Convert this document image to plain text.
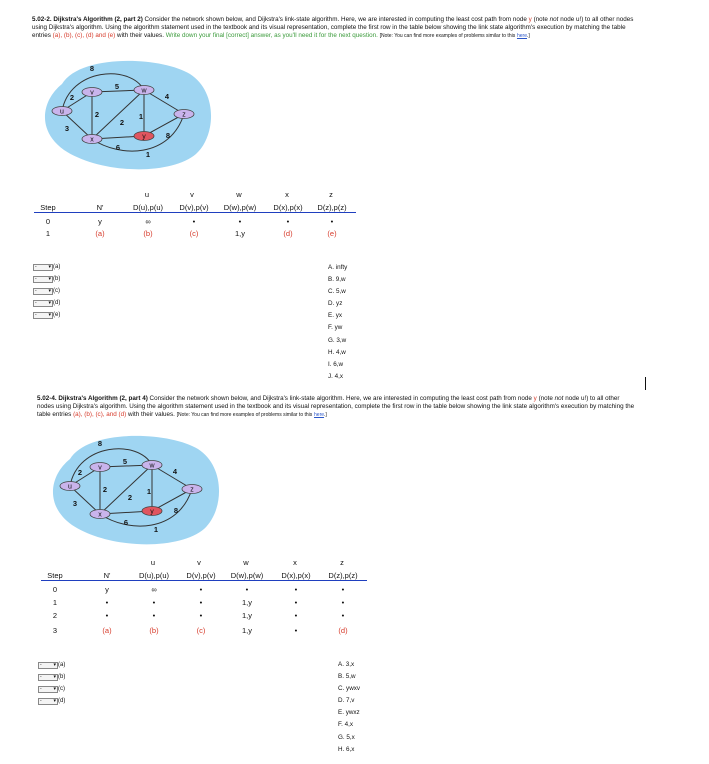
5.02-2. Dijkstra's Algorithm (2, part 2) Consider the network shown below, and Dijkstra's link-state algorithm. Here, we are interested in computing the least cost path from node y (note not node u!) to all other nodes using Dijkstra's algorithm. Using the algorithm statement used in the textbook and its visual representation, complete the first row in the table below showing the link state algorithm's execution by matching the table entries (a), (b), (c), (d) and (e) with their values. Write down your final [correct] answer, as you'll need it for the next question. [Note: You can find more examples of problems similar to this here.]
u
v	w
x	y
z
8
5
4
2
2	1
2
3
6
8
1
u	v	w	x	z
Step	N'	D(u),p(u)	D(v),p(v)	D(w),p(w)	D(x),p(x)	D(z),p(z)
0	y	∞	•	•	•	•
1	(a)	(b)	(c)	1,y	(d)	(e)
- ▾ (a)
- ▾ (b)
- ▾ (c)
- ▾ (d)
- ▾ (e)
A. infty
B. 9,w
C. 5,w
D. yz
E. yx
F. yw
G. 3,w
H. 4,w
I. 6,w
J. 4,x
5.02-4. Dijkstra's Algorithm (2, part 4) Consider the network shown below, and Dijkstra's link-state algorithm. Here, we are interested in computing the least cost path from node y (note not node u!) to all other nodes using Dijkstra's algorithm. Using the algorithm statement used in the textbook and its visual representation, complete the first row in the table below showing the link state algorithm's execution by matching the table entries (a), (b), (c), and (d) with their values. [Note: You can find more examples of problems similar to this here.]
u
v	w
x	y
z
8
5
4
2
2	1
2
3
6
8
1
u	v	w	x	z
Step	N'	D(u),p(u)	D(v),p(v)	D(w),p(w)	D(x),p(x)	D(z),p(z)
0	y	∞	•	•	•	•
1	•	•	•	1,y	•	•
2	•	•	•	1,y	•	•
3	(a)	(b)	(c)	1,y	•	(d)
- ▾ (a)
- ▾ (b)
- ▾ (c)
- ▾ (d)
A. 3,x
B. 5,w
C. ywxv
D. 7,v
E. ywxz
F. 4,x
G. 5,x
H. 6,x
